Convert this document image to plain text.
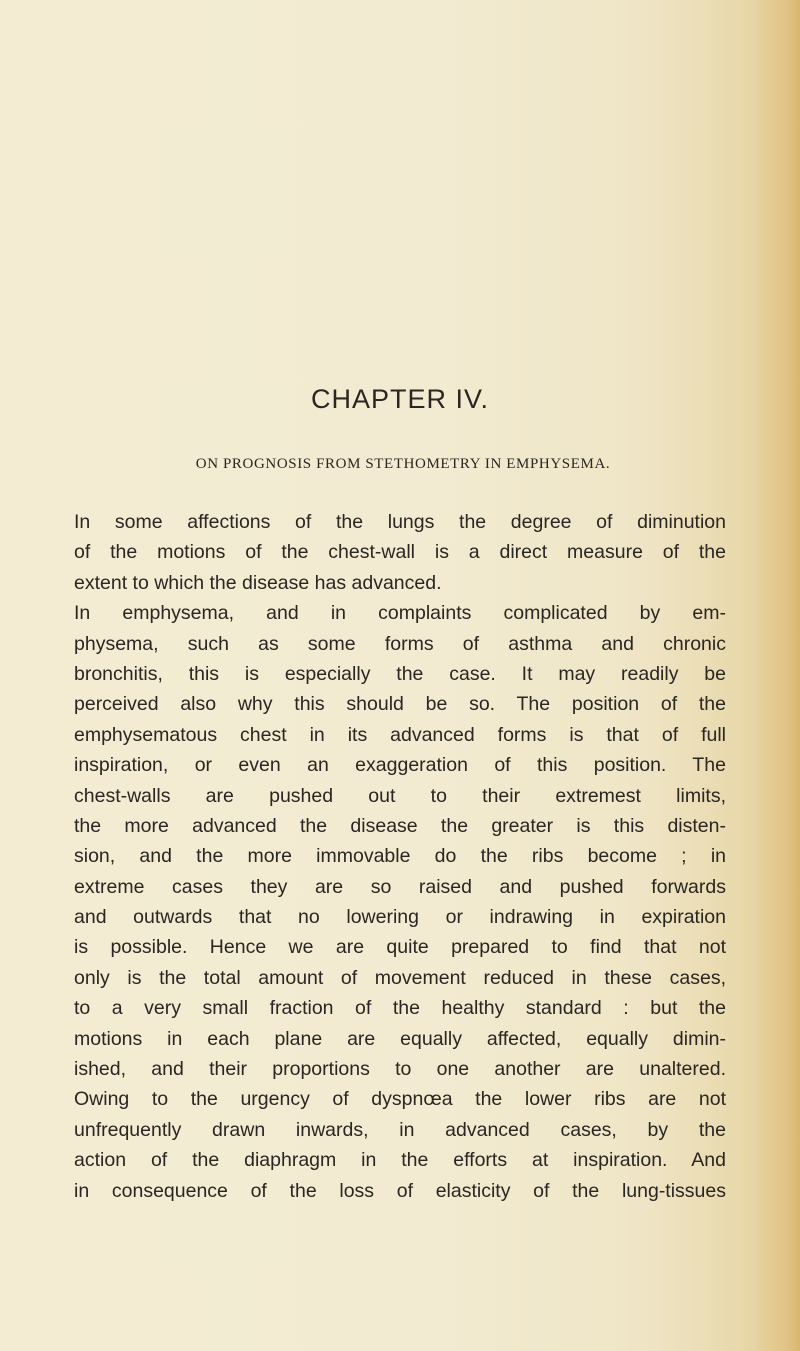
CHAPTER IV.
ON PROGNOSIS FROM STETHOMETRY IN EMPHYSEMA.
In some affections of the lungs the degree of diminution
of the motions of the chest-wall is a direct measure of the
extent to which the disease has advanced.
In emphysema, and in complaints complicated by em-
physema, such as some forms of asthma and chronic
bronchitis, this is especially the case. It may readily be
perceived also why this should be so. The position of the
emphysematous chest in its advanced forms is that of full
inspiration, or even an exaggeration of this position. The
chest-walls are pushed out to their extremest limits,
the more advanced the disease the greater is this disten-
sion, and the more immovable do the ribs become ; in
extreme cases they are so raised and pushed forwards
and outwards that no lowering or indrawing in expiration
is possible. Hence we are quite prepared to find that not
only is the total amount of movement reduced in these cases,
to a very small fraction of the healthy standard : but the
motions in each plane are equally affected, equally dimin-
ished, and their proportions to one another are unaltered.
Owing to the urgency of dyspnœa the lower ribs are not
unfrequently drawn inwards, in advanced cases, by the
action of the diaphragm in the efforts at inspiration. And
in consequence of the loss of elasticity of the lung-tissues
